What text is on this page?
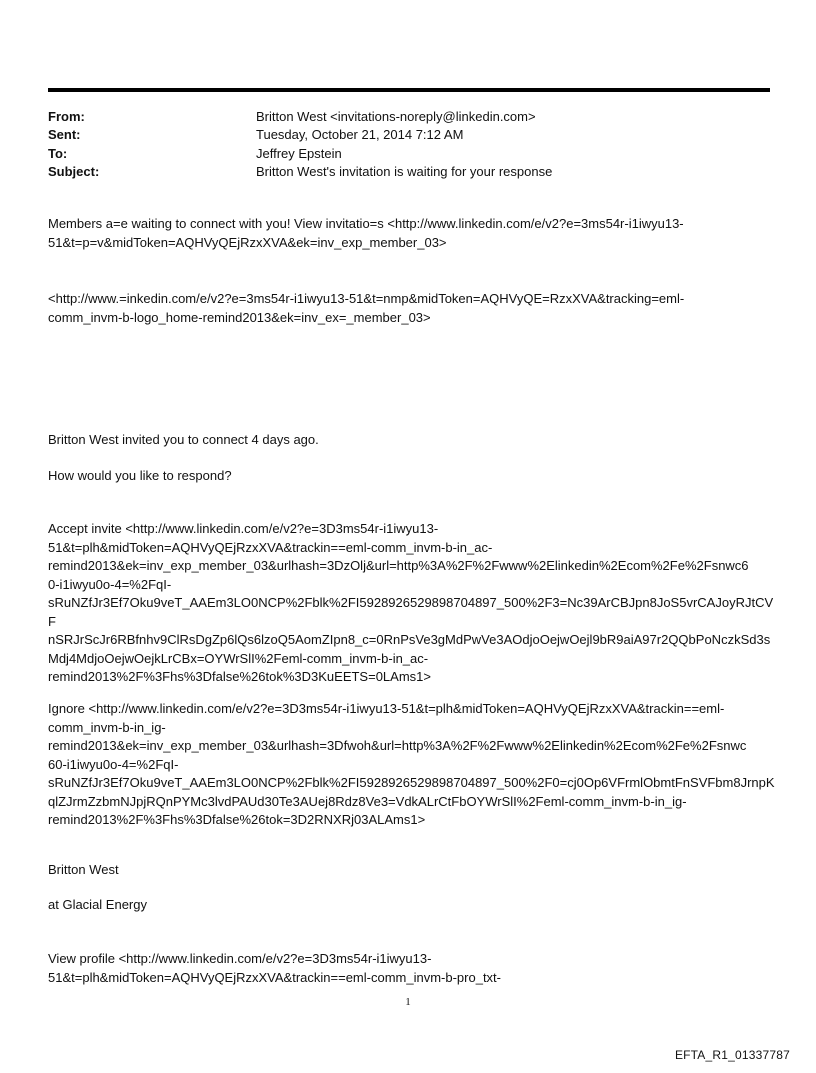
From:	Britton West <invitations-noreply@linkedin.com>
Sent:	Tuesday, October 21, 2014 7:12 AM
To:	Jeffrey Epstein
Subject:	Britton West's invitation is waiting for your response
Members a=e waiting to connect with you! View invitatio=s <http://www.linkedin.com/e/v2?e=3ms54r-i1iwyu13-
51&t=p=v&midToken=AQHVyQEjRzxXVA&ek=inv_exp_member_03>
<http://www.=inkedin.com/e/v2?e=3ms54r-i1iwyu13-51&t=nmp&midToken=AQHVyQE=RzxXVA&tracking=eml-
comm_invm-b-logo_home-remind2013&ek=inv_ex=_member_03>
Britton West invited you to connect 4 days ago.
How would you like to respond?
Accept invite <http://www.linkedin.com/e/v2?e=3D3ms54r-i1iwyu13-
51&t=plh&midToken=AQHVyQEjRzxXVA&trackin==eml-comm_invm-b-in_ac-
remind2013&ek=inv_exp_member_03&urlhash=3DzOlj&url=http%3A%2F%2Fwww%2Elinkedin%2Ecom%2Fe%2Fsnwc6
0-i1iwyu0o-4=%2FqI-
sRuNZfJr3Ef7Oku9veT_AAEm3LO0NCP%2Fblk%2FI5928926529898704897_500%2F3=Nc39ArCBJpn8JoS5vrCAJoyRJtCVF
nSRJrScJr6RBfnhv9ClRsDgZp6lQs6lzoQ5AomZIpn8_c=0RnPsVe3gMdPwVe3AOdjoOejwOejl9bR9aiA97r2QQbPoNczkSd3s
Mdj4MdjoOejwOejkLrCBx=OYWrSlI%2Feml-comm_invm-b-in_ac-
remind2013%2F%3Fhs%3Dfalse%26tok%3D3KuEETS=0LAms1>
Ignore <http://www.linkedin.com/e/v2?e=3D3ms54r-i1iwyu13-51&t=plh&midToken=AQHVyQEjRzxXVA&trackin==eml-
comm_invm-b-in_ig-
remind2013&ek=inv_exp_member_03&urlhash=3Dfwoh&url=http%3A%2F%2Fwww%2Elinkedin%2Ecom%2Fe%2Fsnwc
60-i1iwyu0o-4=%2FqI-
sRuNZfJr3Ef7Oku9veT_AAEm3LO0NCP%2Fblk%2FI5928926529898704897_500%2F0=cj0Op6VFrmlObmtFnSVFbm8JrnpK
qlZJrmZzbmNJpjRQnPYMc3lvdPAUd30Te3AUej8Rdz8Ve3=VdkALrCtFbOYWrSlI%2Feml-comm_invm-b-in_ig-
remind2013%2F%3Fhs%3Dfalse%26tok=3D2RNXRj03ALAms1>
Britton West
at Glacial Energy
View profile <http://www.linkedin.com/e/v2?e=3D3ms54r-i1iwyu13-
51&t=plh&midToken=AQHVyQEjRzxXVA&trackin==eml-comm_invm-b-pro_txt-
1
EFTA_R1_01337787
